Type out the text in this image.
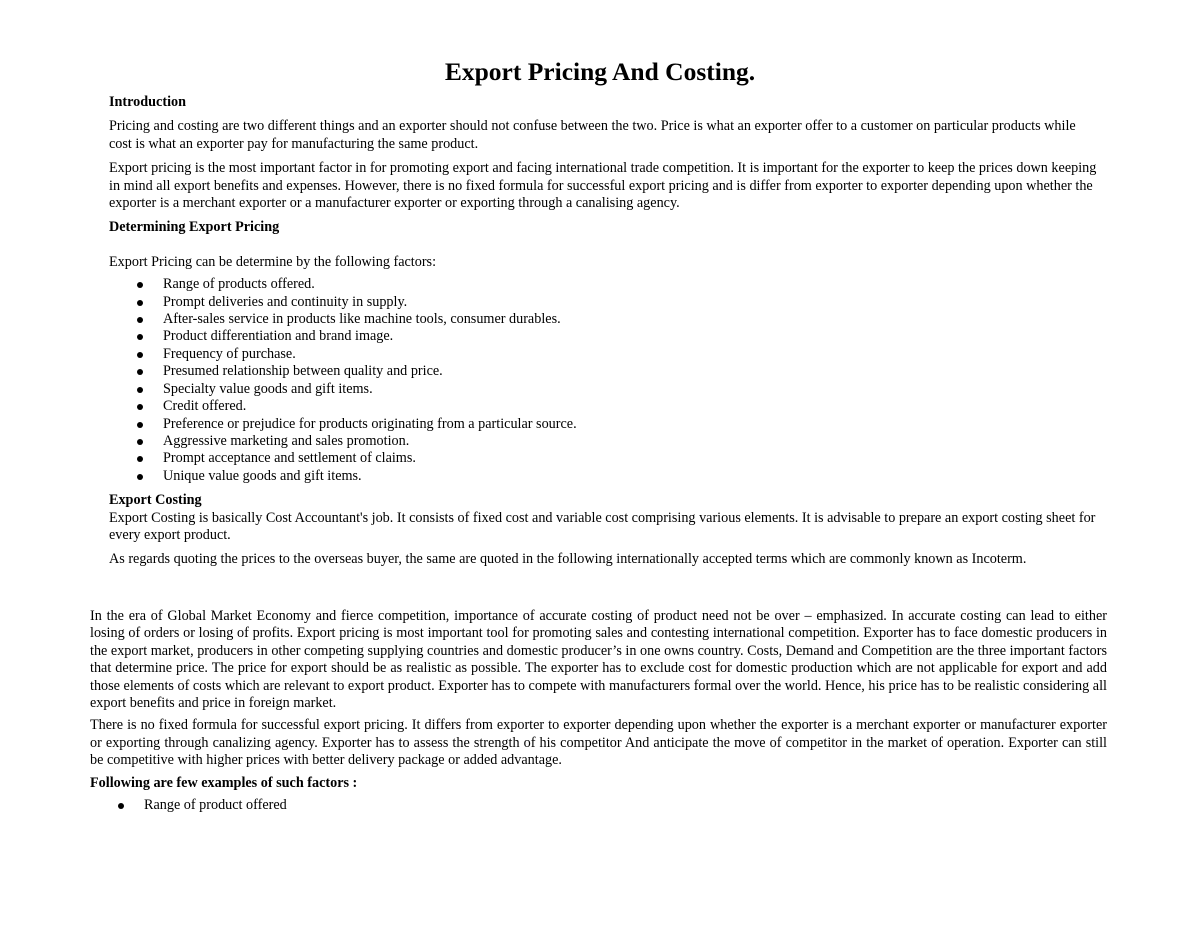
Export Pricing And Costing.
Introduction

Pricing and costing are two different things and an exporter should not confuse between the two. Price is what an exporter offer to a customer on particular products while cost is what an exporter pay for manufacturing the same product.

Export pricing is the most important factor in for promoting export and facing international trade competition. It is important for the exporter to keep the prices down keeping in mind all export benefits and expenses. However, there is no fixed formula for successful export pricing and is differ from exporter to exporter depending upon whether the exporter is a merchant exporter or a manufacturer exporter or exporting through a canalising agency.

Determining Export Pricing

Export Pricing can be determine by the following factors:

Range of products offered.
Prompt deliveries and continuity in supply.
After-sales service in products like machine tools, consumer durables.
Product differentiation and brand image.
Frequency of purchase.
Presumed relationship between quality and price.
Specialty value goods and gift items.
Credit offered.
Preference or prejudice for products originating from a particular source.
Aggressive marketing and sales promotion.
Prompt acceptance and settlement of claims.
Unique value goods and gift items.
Export Costing

Export Costing is basically Cost Accountant's job. It consists of fixed cost and variable cost comprising various elements. It is advisable to prepare an export costing sheet for every export product.

As regards quoting the prices to the overseas buyer, the same are quoted in the following internationally accepted terms which are commonly known as Incoterm.

In the era of Global Market Economy and fierce competition, importance of accurate costing of product need not be over – emphasized. In accurate costing can lead to either losing of orders or losing of profits. Export pricing is most important tool for promoting sales and contesting international competition. Exporter has to face domestic producers in the export market, producers in other competing supplying countries and domestic producer’s in one owns country. Costs, Demand and Competition are the three important factors that determine price. The price for export should be as realistic as possible. The exporter has to exclude cost for domestic production which are not applicable for export and add those elements of costs which are relevant to export product. Exporter has to compete with manufacturers formal over the world. Hence, his price has to be realistic considering all export benefits and price in foreign market.

There is no fixed formula for successful export pricing. It differs from exporter to exporter depending upon whether the exporter is a merchant exporter or manufacturer exporter or exporting through canalizing agency. Exporter has to assess the strength of his competitor And anticipate the move of competitor in the market of operation. Exporter can still be competitive with higher prices with better delivery package or added advantage.

Following are few examples of such factors :
Range of product offered
